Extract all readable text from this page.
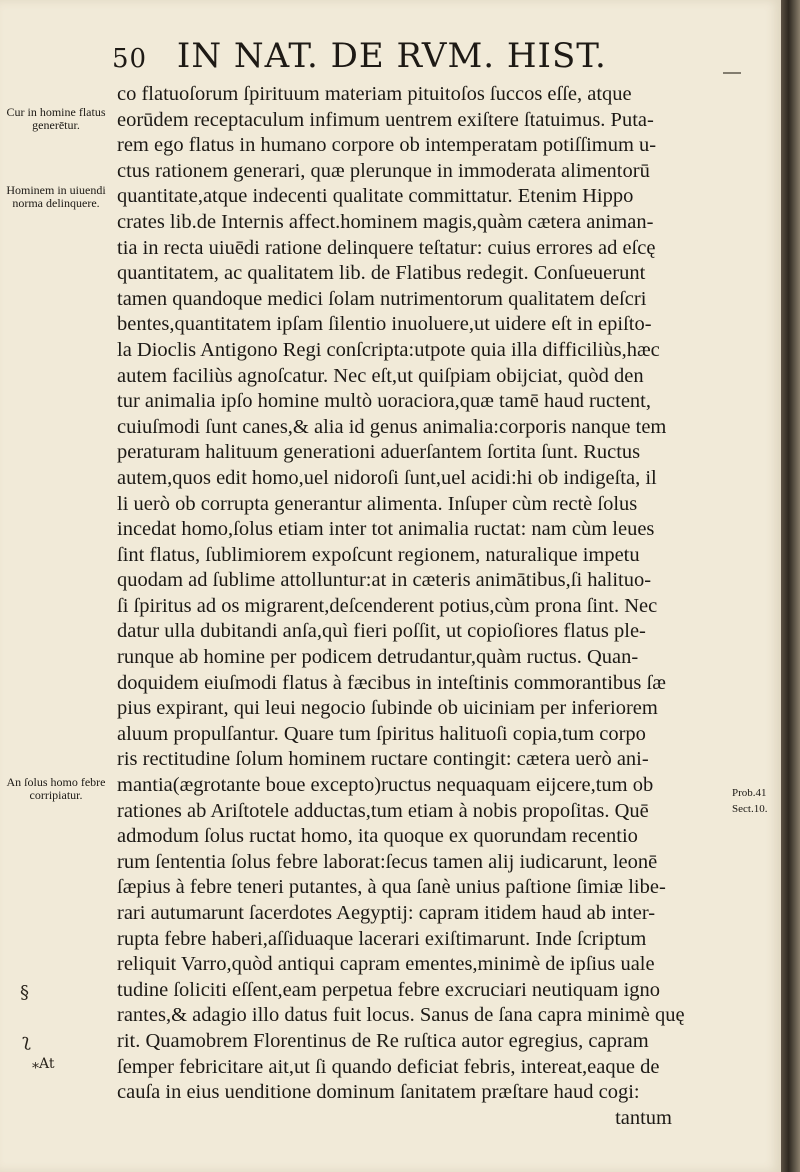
50 IN NAT. DE RVM. HIST.
Cur in homine flatus generētur.
Hominem in uiuendi norma delinquere.
An ſolus homo febre corripiatur.	Prob.41
Sect.10.
§
ʅ
⁎At
co flatuoſorum ſpirituum materiam pituitoſos ſuccos eſſe, atque
eorūdem receptaculum infimum uentrem exiſtere ſtatuimus. Puta-
rem ego flatus in humano corpore ob intemperatam potiſſimum u-
ctus rationem generari, quæ plerunque in immoderata alimentorū
quantitate,atque indecenti qualitate committatur. Etenim Hippo
crates lib.de Internis affect.hominem magis,quàm cætera animan-
tia in recta uiuēdi ratione delinquere teſtatur: cuius errores ad eſcę
quantitatem, ac qualitatem lib. de Flatibus redegit. Conſueuerunt
tamen quandoque medici ſolam nutrimentorum qualitatem deſcri
bentes,quantitatem ipſam ſilentio inuoluere,ut uidere eſt in epiſto-
la Dioclis Antigono Regi conſcripta:utpote quia illa difficiliùs,hæc
autem faciliùs agnoſcatur. Nec eſt,ut quiſpiam obijciat, quòd den
tur animalia ipſo homine multò uoraciora,quæ tamē haud ructent,
cuiuſmodi ſunt canes,& alia id genus animalia:corporis nanque tem
peraturam halituum generationi aduerſantem ſortita ſunt. Ructus
autem,quos edit homo,uel nidoroſi ſunt,uel acidi:hi ob indigeſta, il
li uerò ob corrupta generantur alimenta. Inſuper cùm rectè ſolus
incedat homo,ſolus etiam inter tot animalia ructat: nam cùm leues
ſint flatus, ſublimiorem expoſcunt regionem, naturalique impetu
quodam ad ſublime attolluntur:at in cæteris animātibus,ſi halituo-
ſi ſpiritus ad os migrarent,deſcenderent potius,cùm prona ſint. Nec
datur ulla dubitandi anſa,quì fieri poſſit, ut copioſiores flatus ple-
runque ab homine per podicem detrudantur,quàm ructus. Quan-
doquidem eiuſmodi flatus à fæcibus in inteſtinis commorantibus ſæ
pius expirant, qui leui negocio ſubinde ob uiciniam per inferiorem
aluum propulſantur. Quare tum ſpiritus halituoſi copia,tum corpo
ris rectitudine ſolum hominem ructare contingit: cætera uerò ani-
mantia(ægrotante boue excepto)ructus nequaquam eijcere,tum ob
rationes ab Ariſtotele adductas,tum etiam à nobis propoſitas. Quē
admodum ſolus ructat homo, ita quoque ex quorundam recentio
rum ſententia ſolus febre laborat:ſecus tamen alij iudicarunt, leonē
ſæpius à febre teneri putantes, à qua ſanè unius paſtione ſimiæ libe-
rari autumarunt ſacerdotes Aegyptij: capram itidem haud ab inter-
rupta febre haberi,aſſiduaque lacerari exiſtimarunt. Inde ſcriptum
reliquit Varro,quòd antiqui capram ementes,minimè de ipſius uale
tudine ſoliciti eſſent,eam perpetua febre excruciari neutiquam igno
rantes,& adagio illo datus fuit locus. Sanus de ſana capra minimè quę
rit. Quamobrem Florentinus de Re ruſtica autor egregius, capram
ſemper febricitare ait,ut ſi quando deficiat febris, intereat,eaque de
cauſa in eius uenditione dominum ſanitatem præſtare haud cogi:
tantum
